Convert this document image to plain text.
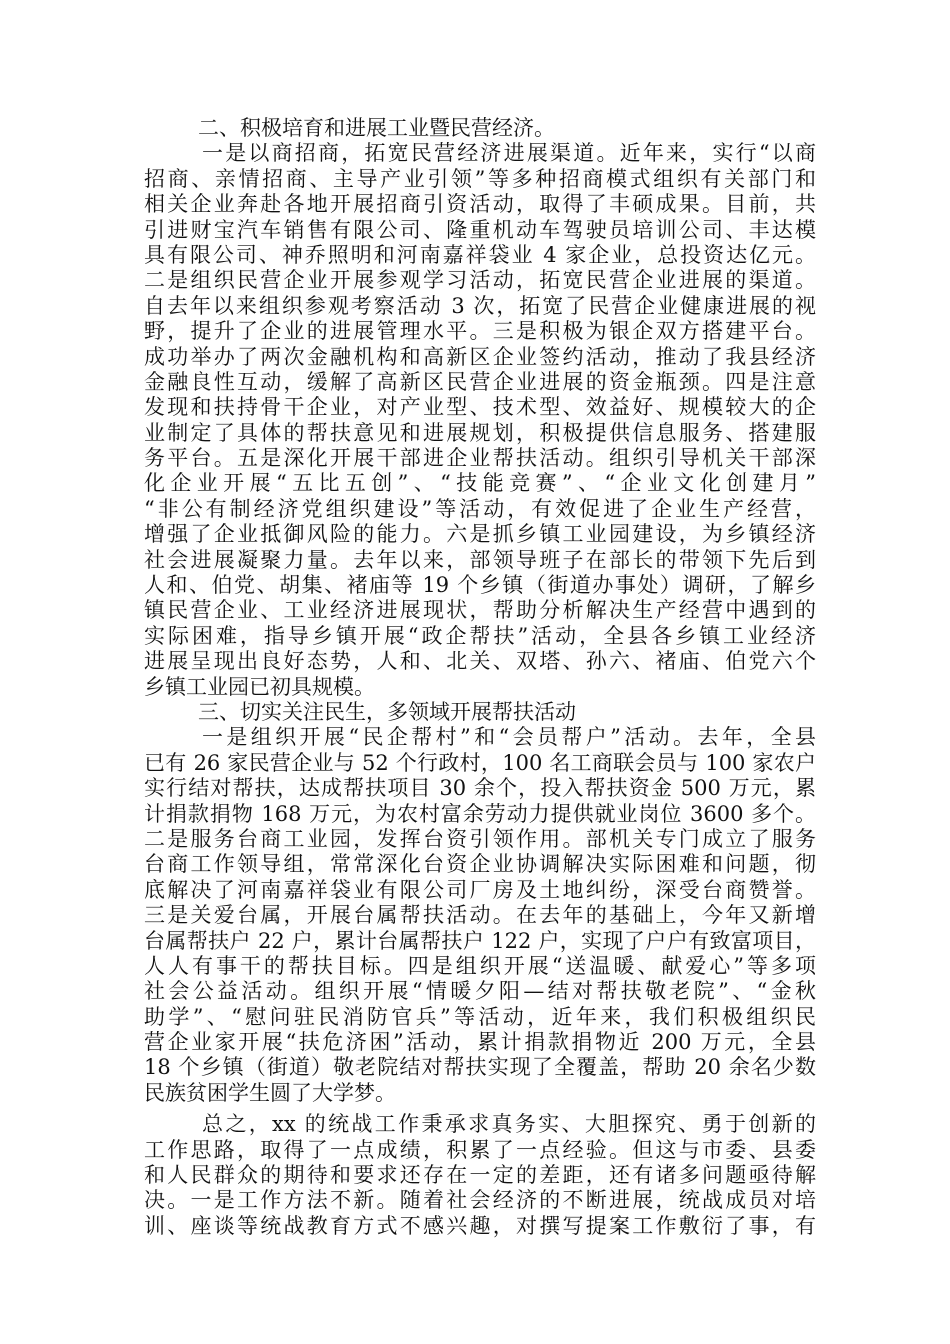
二、积极培育和进展工业暨民营经济。
一是以商招商，拓宽民营经济进展渠道。近年来，实行“以商
招商、亲情招商、主导产业引领”等多种招商模式组织有关部门和
相关企业奔赴各地开展招商引资活动，取得了丰硕成果。目前，共
引进财宝汽车销售有限公司、隆重机动车驾驶员培训公司、丰达模
具有限公司、神乔照明和河南嘉祥袋业 4 家企业，总投资达亿元。
二是组织民营企业开展参观学习活动，拓宽民营企业进展的渠道。
自去年以来组织参观考察活动 3 次，拓宽了民营企业健康进展的视
野，提升了企业的进展管理水平。三是积极为银企双方搭建平台。
成功举办了两次金融机构和高新区企业签约活动，推动了我县经济
金融良性互动，缓解了高新区民营企业进展的资金瓶颈。四是注意
发现和扶持骨干企业，对产业型、技术型、效益好、规模较大的企
业制定了具体的帮扶意见和进展规划，积极提供信息服务、搭建服
务平台。五是深化开展干部进企业帮扶活动。组织引导机关干部深
化企业开展“五比五创”、“技能竞赛”、“企业文化创建月”
“非公有制经济党组织建设”等活动，有效促进了企业生产经营，
增强了企业抵御风险的能力。六是抓乡镇工业园建设，为乡镇经济
社会进展凝聚力量。去年以来，部领导班子在部长的带领下先后到
人和、伯党、胡集、褚庙等 19 个乡镇（街道办事处）调研，了解乡
镇民营企业、工业经济进展现状，帮助分析解决生产经营中遇到的
实际困难，指导乡镇开展“政企帮扶”活动，全县各乡镇工业经济
进展呈现出良好态势，人和、北关、双塔、孙六、褚庙、伯党六个
乡镇工业园已初具规模。
三、切实关注民生，多领域开展帮扶活动
一是组织开展“民企帮村”和“会员帮户”活动。去年，全县
已有 26 家民营企业与 52 个行政村，100 名工商联会员与 100 家农户
实行结对帮扶，达成帮扶项目 30 余个，投入帮扶资金 500 万元，累
计捐款捐物 168 万元，为农村富余劳动力提供就业岗位 3600 多个。
二是服务台商工业园，发挥台资引领作用。部机关专门成立了服务
台商工作领导组，常常深化台资企业协调解决实际困难和问题，彻
底解决了河南嘉祥袋业有限公司厂房及土地纠纷，深受台商赞誉。
三是关爱台属，开展台属帮扶活动。在去年的基础上，今年又新增
台属帮扶户 22 户，累计台属帮扶户 122 户，实现了户户有致富项目，
人人有事干的帮扶目标。四是组织开展“送温暖、献爱心”等多项
社会公益活动。组织开展“情暖夕阳—结对帮扶敬老院”、“金秋
助学”、“慰问驻民消防官兵”等活动，近年来，我们积极组织民
营企业家开展“扶危济困”活动，累计捐款捐物近 200 万元，全县
18 个乡镇（街道）敬老院结对帮扶实现了全覆盖，帮助 20 余名少数
民族贫困学生圆了大学梦。
总之，xx 的统战工作秉承求真务实、大胆探究、勇于创新的
工作思路，取得了一点成绩，积累了一点经验。但这与市委、县委
和人民群众的期待和要求还存在一定的差距，还有诸多问题亟待解
决。一是工作方法不新。随着社会经济的不断进展，统战成员对培
训、座谈等统战教育方式不感兴趣，对撰写提案工作敷衍了事，有
